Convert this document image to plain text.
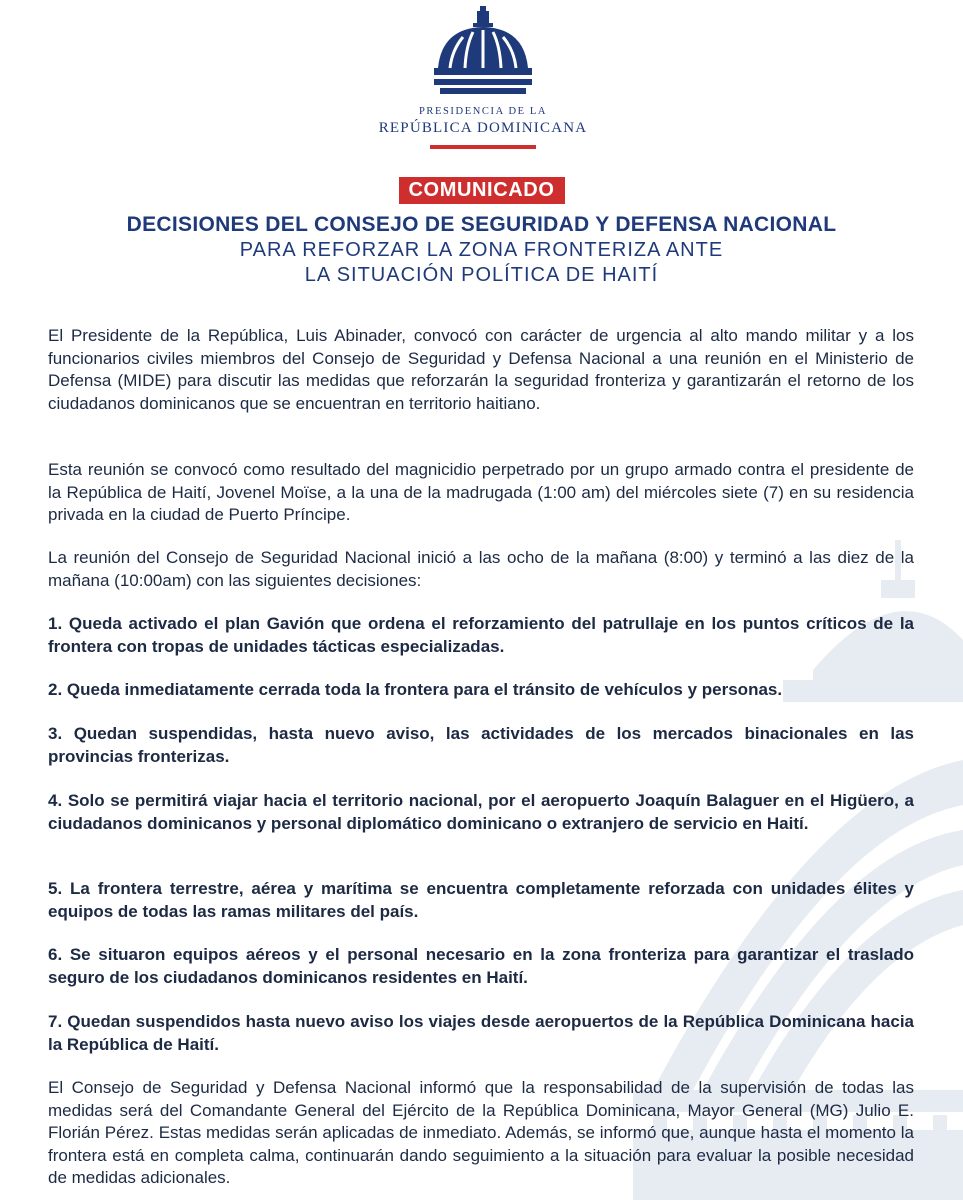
PRESIDENCIA DE LA
REPÚBLICA DOMINICANA
COMUNICADO
DECISIONES DEL CONSEJO DE SEGURIDAD Y DEFENSA NACIONAL
PARA REFORZAR LA ZONA FRONTERIZA ANTE
LA SITUACIÓN POLÍTICA DE HAITÍ

El Presidente de la República, Luis Abinader, convocó con carácter de urgencia al alto mando militar y a los funcionarios civiles miembros del Consejo de Seguridad y Defensa Nacional a una reunión en el Ministerio de Defensa (MIDE) para discutir las medidas que reforzarán la seguridad fronteriza y garantizarán el retorno de los ciudadanos dominicanos que se encuentran en territorio haitiano.

Esta reunión se convocó como resultado del magnicidio perpetrado por un grupo armado contra el presidente de la República de Haití, Jovenel Moïse, a la una de la madrugada (1:00 am) del miércoles siete (7) en su residencia privada en la ciudad de Puerto Príncipe.

La reunión del Consejo de Seguridad Nacional inició a las ocho de la mañana (8:00) y terminó a las diez de la mañana (10:00am) con las siguientes decisiones:

1. Queda activado el plan Gavión que ordena el reforzamiento del patrullaje en los puntos críticos de la frontera con tropas de unidades tácticas especializadas.

2. Queda inmediatamente cerrada toda la frontera para el tránsito de vehículos y personas.

3. Quedan suspendidas, hasta nuevo aviso, las actividades de los mercados binacionales en las provincias fronterizas.

4. Solo se permitirá viajar hacia el territorio nacional, por el aeropuerto Joaquín Balaguer en el Higüero, a ciudadanos dominicanos y personal diplomático dominicano o extranjero de servicio en Haití.

5. La frontera terrestre, aérea y marítima se encuentra completamente reforzada con unidades élites y equipos de todas las ramas militares del país.

6. Se situaron equipos aéreos y el personal necesario en la zona fronteriza para garantizar el traslado seguro de los ciudadanos dominicanos residentes en Haití.

7. Quedan suspendidos hasta nuevo aviso los viajes desde aeropuertos de la República Dominicana hacia la República de Haití.

El Consejo de Seguridad y Defensa Nacional informó que la responsabilidad de la supervisión de todas las medidas será del Comandante General del Ejército de la República Dominicana, Mayor General (MG) Julio E. Florián Pérez. Estas medidas serán aplicadas de inmediato. Además, se informó que, aunque hasta el momento la frontera está en completa calma, continuarán dando seguimiento a la situación para evaluar la posible necesidad de medidas adicionales.
